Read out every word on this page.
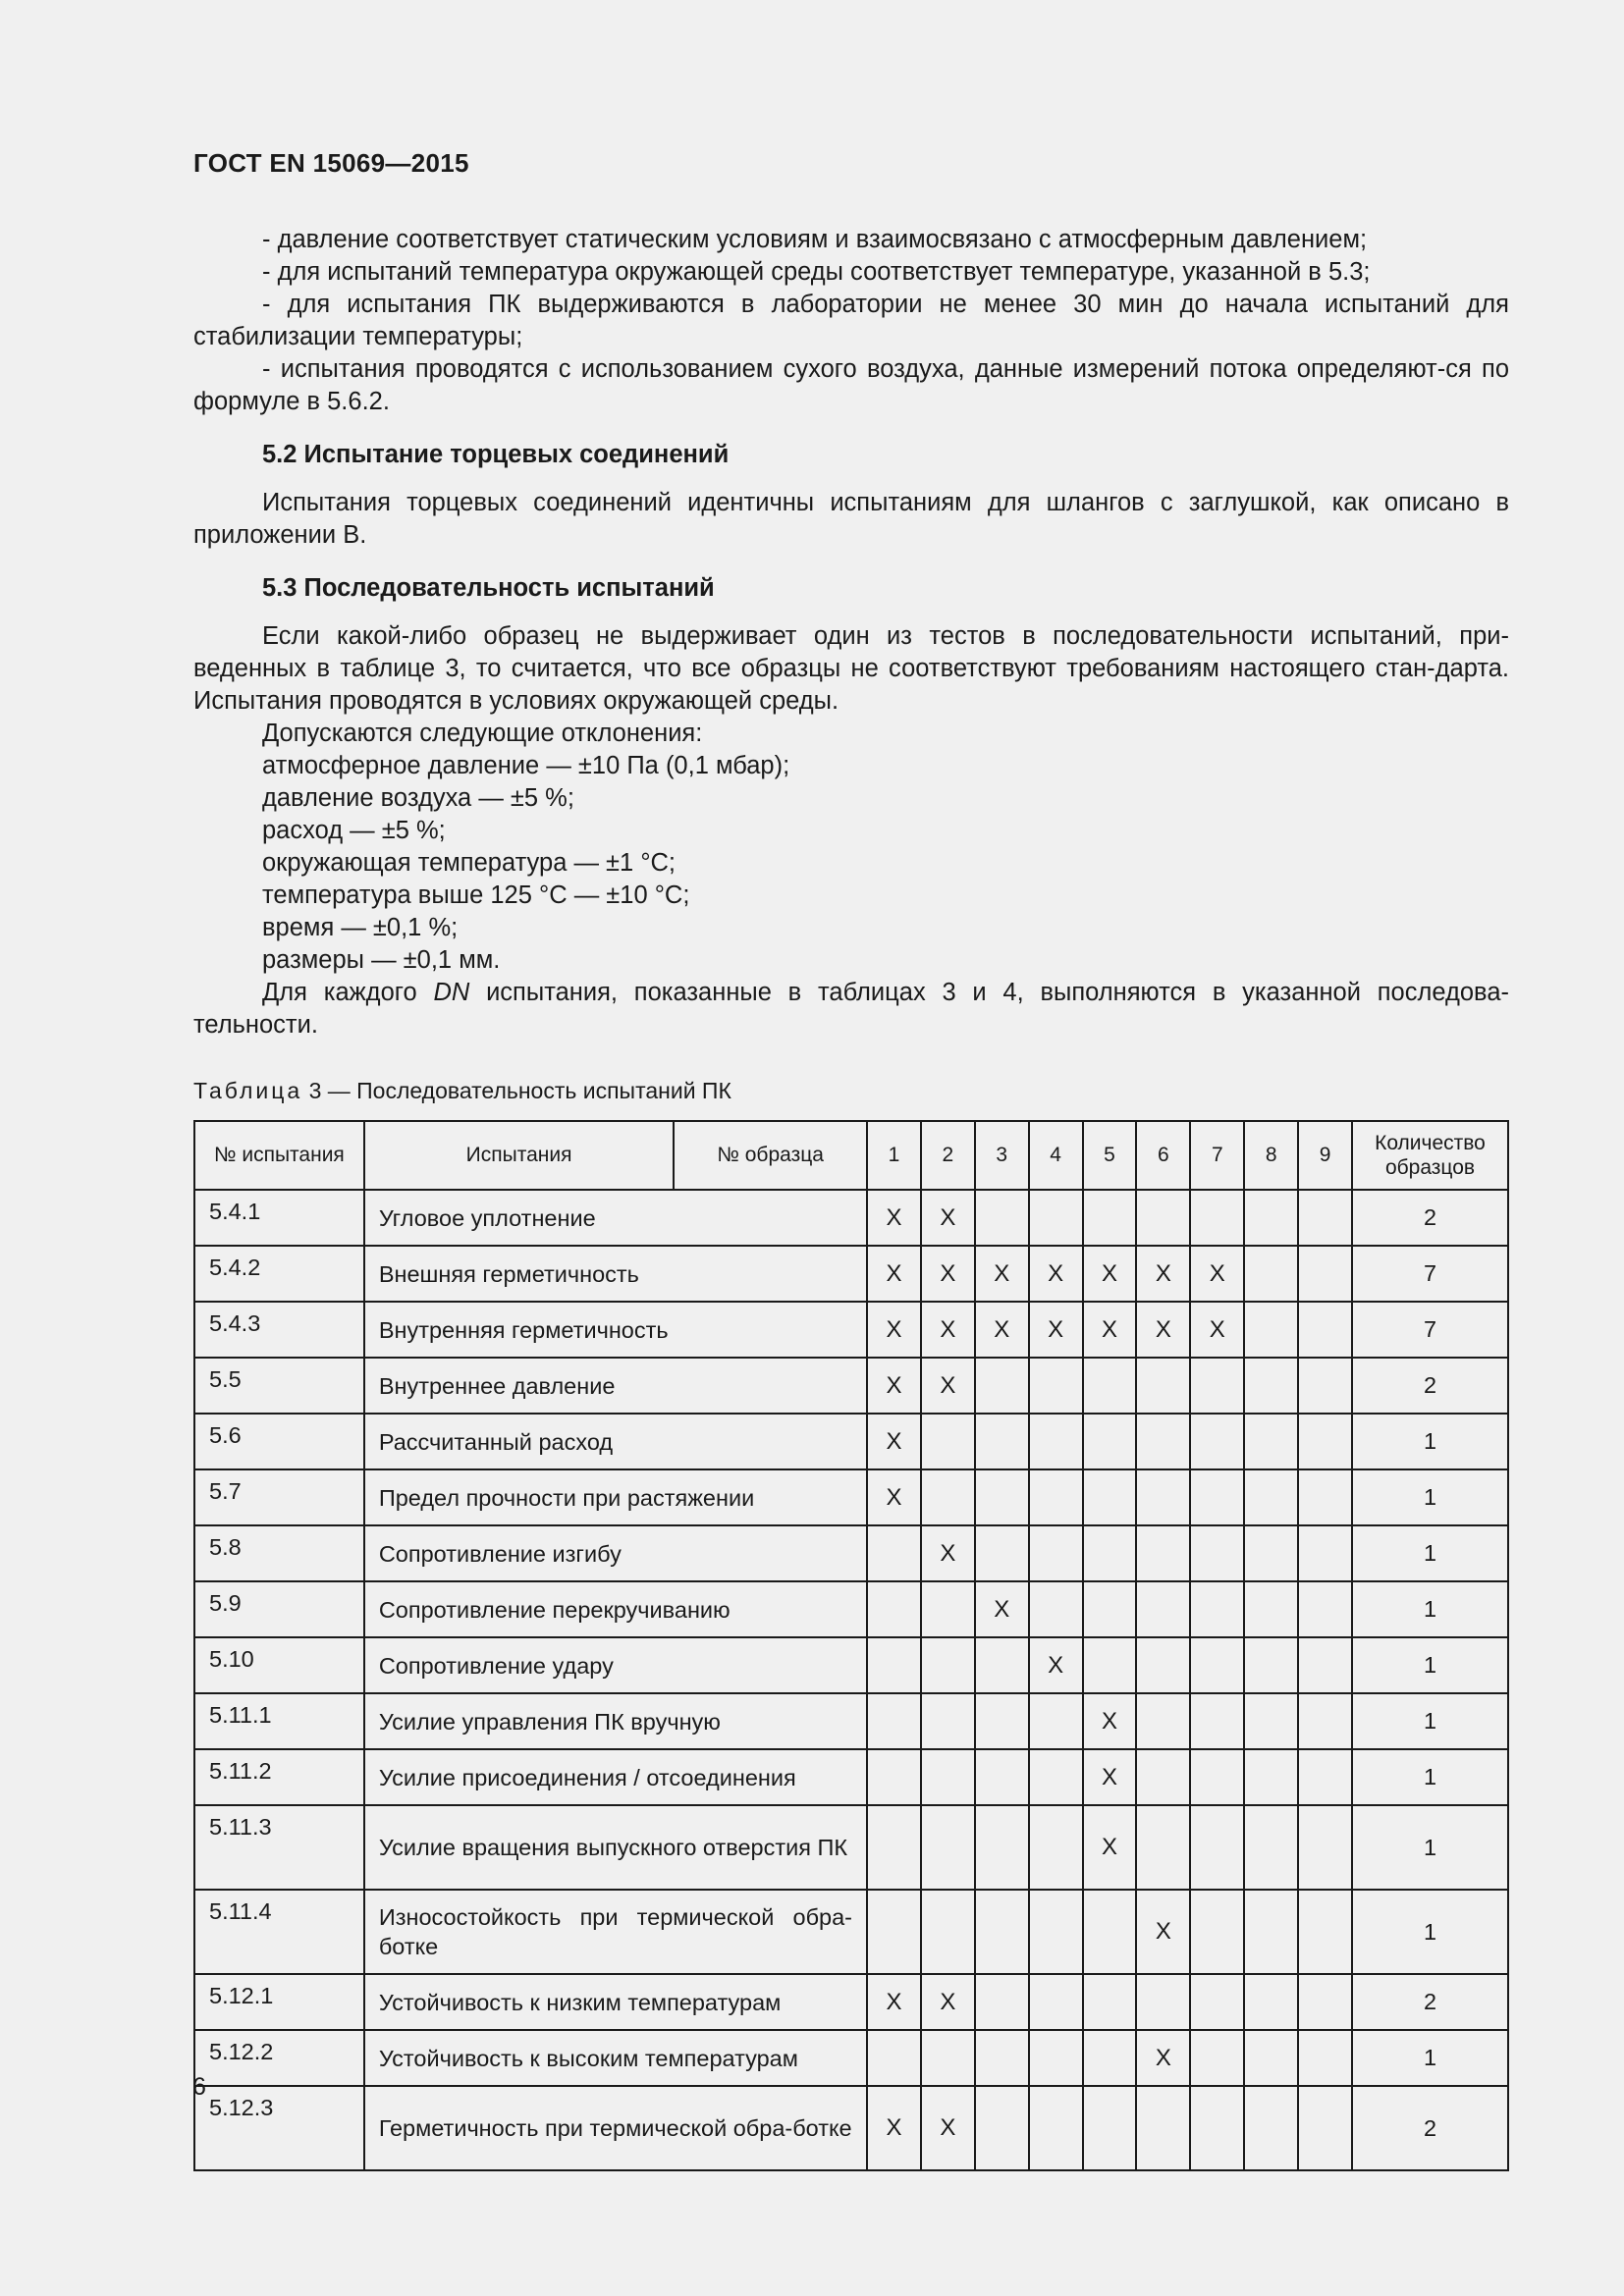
ГОСТ EN 15069—2015

- давление соответствует статическим условиям и взаимосвязано с атмосферным давлением;

- для испытаний температура окружающей среды соответствует температуре, указанной в 5.3;

- для испытания ПК выдерживаются в лаборатории не менее 30 мин до начала испытаний для стабилизации температуры;

- испытания проводятся с использованием сухого воздуха, данные измерений потока определяют-ся по формуле в 5.6.2.

5.2 Испытание торцевых соединений

Испытания торцевых соединений идентичны испытаниям для шлангов с заглушкой, как описано в приложении В.

5.3 Последовательность испытаний

Если какой-либо образец не выдерживает один из тестов в последовательности испытаний, при-веденных в таблице 3, то считается, что все образцы не соответствуют требованиям настоящего стан-дарта. Испытания проводятся в условиях окружающей среды.

Допускаются следующие отклонения:

атмосферное давление — ±10 Па (0,1 мбар);

давление воздуха — ±5 %;

расход — ±5 %;

окружающая температура — ±1 °С;

температура выше 125 °С — ±10 °С;

время — ±0,1 %;

размеры — ±0,1 мм.

Для каждого DN испытания, показанные в таблицах 3 и 4, выполняются в указанной последова-тельности.

Таблица 3 — Последовательность испытаний ПК
№ испытания	Испытания	№ образца	1	2	3	4	5	6	7	8	9	Количество образцов
5.4.1	Угловое уплотнение		X	X								2
5.4.2	Внешняя герметичность		X	X	X	X	X	X	X			7
5.4.3	Внутренняя герметичность		X	X	X	X	X	X	X			7
5.5	Внутреннее давление		X	X								2
5.6	Рассчитанный расход		X									1
5.7	Предел прочности при растяжении		X									1
5.8	Сопротивление изгибу			X								1
5.9	Сопротивление перекручиванию				X							1
5.10	Сопротивление удару					X						1
5.11.1	Усилие управления ПК вручную						X					1
5.11.2	Усилие присоединения / отсоединения						X					1
5.11.3	Усилие вращения выпускного отверстия ПК						X					1
5.11.4	Износостойкость при термической обра-ботке							X				1
5.12.1	Устойчивость к низким температурам		X	X								2
5.12.2	Устойчивость к высоким температурам							X				1
5.12.3	Герметичность при термической обра-ботке		X	X								2
6
